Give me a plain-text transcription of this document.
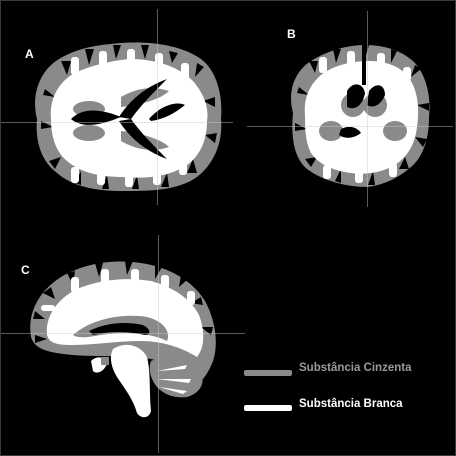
A
B
C
Substância Cinzenta
Substância Branca
